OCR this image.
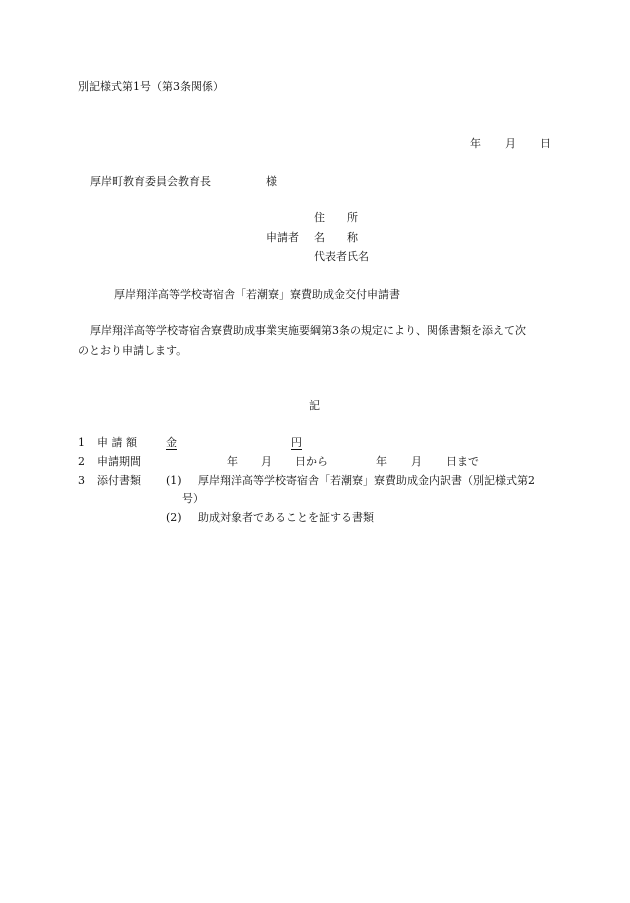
別記様式第1号（第3条関係）
年 月 日
厚岸町教育委員会教育長	様
住　　所
申請者 名　　称
代表者氏名
厚岸翔洋高等学校寄宿舎「若潮寮」寮費助成金交付申請書
厚岸翔洋高等学校寄宿舎寮費助成事業実施要綱第3条の規定により、関係書類を添えて次
のとおり申請します。
記
1 申 請 額	金	円
2 申請期間	年 月 日から	年 月 日まで
3 添付書類 (1) 厚岸翔洋高等学校寄宿舎「若潮寮」寮費助成金内訳書（別記様式第2
号）
(2) 助成対象者であることを証する書類
